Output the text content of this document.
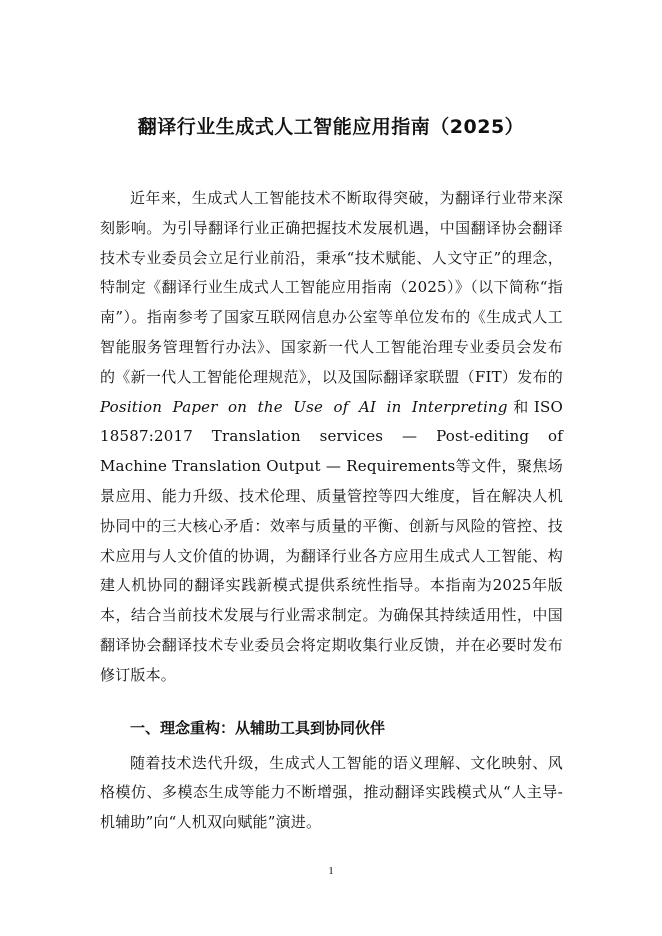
翻译行业生成式人工智能应用指南（2025）

近年来，生成式人工智能技术不断取得突破，为翻译行业带来深刻影响。为引导翻译行业正确把握技术发展机遇，中国翻译协会翻译技术专业委员会立足行业前沿，秉承“技术赋能、人文守正”的理念，特制定《翻译行业生成式人工智能应用指南（2025）》（以下简称“指南”）。指南参考了国家互联网信息办公室等单位发布的《生成式人工智能服务管理暂行办法》、国家新一代人工智能治理专业委员会发布的《新一代人工智能伦理规范》，以及国际翻译家联盟（FIT）发布的Position Paper on the Use of AI in Interpreting和ISO 18587:2017 Translation services — Post-editing of Machine Translation Output — Requirements等文件，聚焦场景应用、能力升级、技术伦理、质量管控等四大维度，旨在解决人机协同中的三大核心矛盾：效率与质量的平衡、创新与风险的管控、技术应用与人文价值的协调，为翻译行业各方应用生成式人工智能、构建人机协同的翻译实践新模式提供系统性指导。本指南为2025年版本，结合当前技术发展与行业需求制定。为确保其持续适用性，中国翻译协会翻译技术专业委员会将定期收集行业反馈，并在必要时发布修订版本。

一、理念重构：从辅助工具到协同伙伴

随着技术迭代升级，生成式人工智能的语义理解、文化映射、风格模仿、多模态生成等能力不断增强，推动翻译实践模式从“人主导-机辅助”向“人机双向赋能”演进。

1
